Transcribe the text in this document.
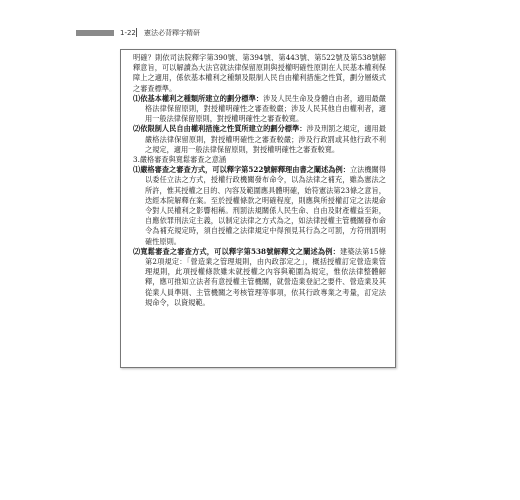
1-22 憲法必背釋字精研

明確？則依司法院釋字第390號、第394號、第443號、第522號及第538號解釋意旨，可以解讀為大法官就法律保留原則與授權明確性原則在人民基本權利保障上之適用，係依基本權利之種類及限制人民自由權利措施之性質，劃分層級式之審查標準。

⑴依基本權利之種類所建立的劃分標準：涉及人民生命及身體自由者，適用最嚴格法律保留原則，對授權明確性之審查較嚴；涉及人民其他自由權利者，適用一般法律保留原則，對授權明確性之審查較寬。

⑵依限制人民自由權利措施之性質所建立的劃分標準：涉及刑罰之規定，適用最嚴格法律保留原則，對授權明確性之審查較嚴；涉及行政罰或其他行政不利之規定，適用一般法律保留原則，對授權明確性之審查較寬。

3.嚴格審查與寬鬆審查之意涵

⑴嚴格審查之審查方式，可以釋字第522號解釋理由書之闡述為例：立法機關得以委任立法之方式，授權行政機關發布命令，以為法律之補充，雖為憲法之所許，惟其授權之目的、內容及範圍應具體明確，始符憲法第23條之意旨，迭經本院解釋在案。至於授權條款之明確程度，則應與所授權訂定之法規命令對人民權利之影響相稱。刑罰法規關係人民生命、自由及財產權益至鉅，自應依罪刑法定主義，以制定法律之方式為之，如法律授權主管機關發布命令為補充規定時，須自授權之法律規定中得預見其行為之可罰，方符刑罰明確性原則。

⑵寬鬆審查之審查方式，可以釋字第538號解釋文之闡述為例：建築法第15條第2項規定：「營造業之管理規則，由內政部定之」，概括授權訂定營造業管理規則，此項授權條款雖未就授權之內容與範圍為規定，惟依法律整體解釋，應可推知立法者有意授權主管機關，就營造業登記之要件、營造業及其從業人員準則、主管機關之考核管理等事項，依其行政專業之考量，訂定法規命令，以資規範。
